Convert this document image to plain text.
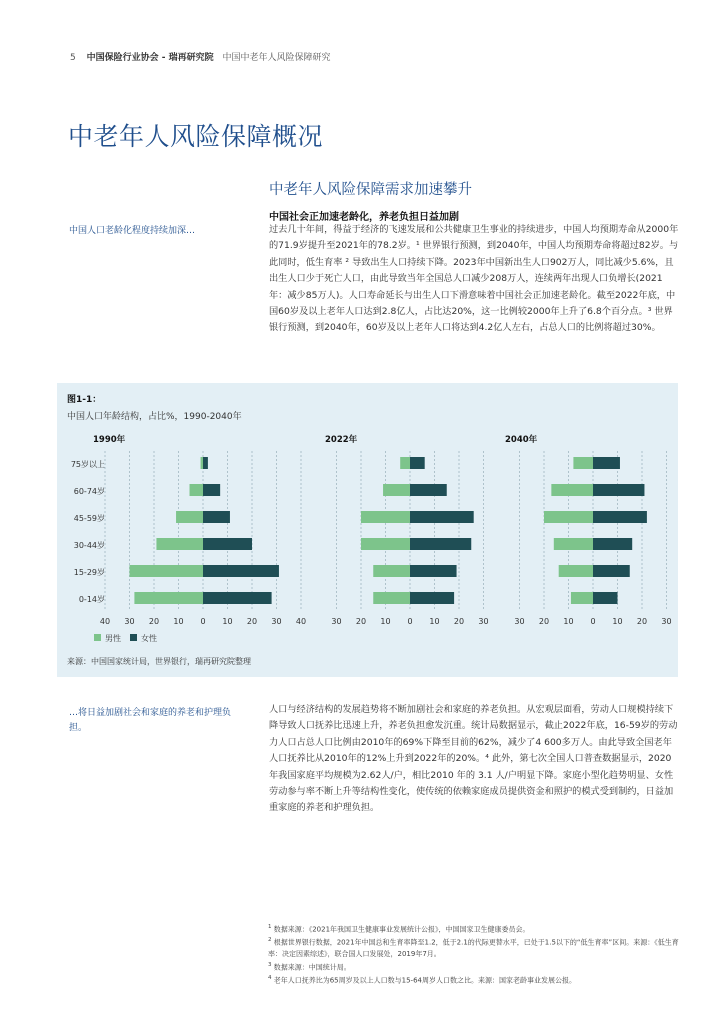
5 中国保险行业协会 - 瑞再研究院 中国中老年人风险保障研究
中老年人风险保障概况
中老年人风险保障需求加速攀升
中国人口老龄化程度持续加深…
中国社会正加速老龄化，养老负担日益加剧
过去几十年间，得益于经济的飞速发展和公共健康卫生事业的持续进步，中国人均预期寿命从2000年的71.9岁提升至2021年的78.2岁。¹ 世界银行预测，到2040年，中国人均预期寿命将超过82岁。与此同时，低生育率 ² 导致出生人口持续下降。2023年中国新出生人口902万人，同比减少5.6%，且出生人口少于死亡人口，由此导致当年全国总人口减少208万人，连续两年出现人口负增长(2021年：减少85万人)。人口寿命延长与出生人口下滑意味着中国社会正加速老龄化。截至2022年底，中国60岁及以上老年人口达到2.8亿人，占比达20%，这一比例较2000年上升了6.8个百分点。³ 世界银行预测，到2040年，60岁及以上老年人口将达到4.2亿人左右，占总人口的比例将超过30%。
图1-1：
中国人口年龄结构，占比%，1990-2040年
75岁以上
60-74岁
45-59岁
30-44岁
15-29岁
0-14岁
1990年
40 30 20 10 0 10 20 30 40
2022年
30 20 10 0 10 20 30
2040年
30 20 10 0 10 20 30
男性	女性
来源：中国国家统计局，世界银行，瑞再研究院整理
…将日益加剧社会和家庭的养老和护理负担。
人口与经济结构的发展趋势将不断加剧社会和家庭的养老负担。从宏观层面看，劳动人口规模持续下降导致人口抚养比迅速上升，养老负担愈发沉重。统计局数据显示，截止2022年底，16-59岁的劳动力人口占总人口比例由2010年的69%下降至目前的62%，减少了4 600多万人。由此导致全国老年人口抚养比从2010年的12%上升到2022年的20%。⁴ 此外，第七次全国人口普查数据显示，2020年我国家庭平均规模为2.62人/户，相比2010 年的 3.1 人/户明显下降。家庭小型化趋势明显、女性劳动参与率不断上升等结构性变化，使传统的依赖家庭成员提供资金和照护的模式受到制约，日益加重家庭的养老和护理负担。
$^1$ 数据来源：《2021年我国卫生健康事业发展统计公报》，中国国家卫生健康委员会。
$^2$ 根据世界银行数据，2021年中国总和生育率降至1.2，低于2.1的代际更替水平，已处于1.5以下的“低生育率”区间。来源：《低生育率：决定因素综述》，联合国人口发展处，2019年7月。
$^3$ 数据来源：中国统计局。
$^4$ 老年人口抚养比为65周岁及以上人口数与15-64周岁人口数之比。来源：国家老龄事业发展公报。
